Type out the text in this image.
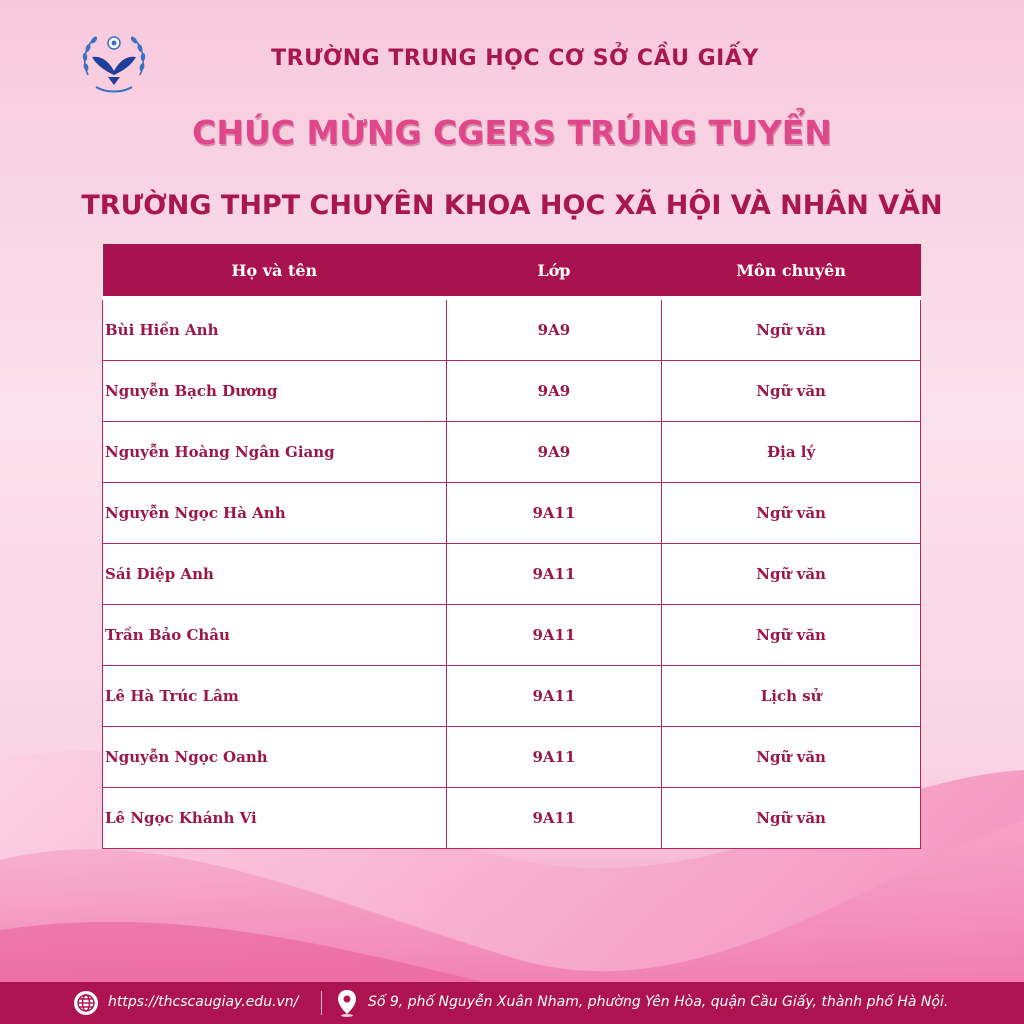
TRƯỜNG TRUNG HỌC CƠ SỞ CẦU GIẤY
CHÚC MỪNG CGERS TRÚNG TUYỂN
TRƯỜNG THPT CHUYÊN KHOA HỌC XÃ HỘI VÀ NHÂN VĂN
Họ và tên	Lớp	Môn chuyên
Bùi Hiền Anh	9A9	Ngữ văn
Nguyễn Bạch Dương	9A9	Ngữ văn
Nguyễn Hoàng Ngân Giang	9A9	Địa lý
Nguyễn Ngọc Hà Anh	9A11	Ngữ văn
Sái Diệp Anh	9A11	Ngữ văn
Trần Bảo Châu	9A11	Ngữ văn
Lê Hà Trúc Lâm	9A11	Lịch sử
Nguyễn Ngọc Oanh	9A11	Ngữ văn
Lê Ngọc Khánh Vi	9A11	Ngữ văn
https://thcscaugiay.edu.vn/	Số 9, phố Nguyễn Xuân Nham, phường Yên Hòa, quận Cầu Giấy, thành phố Hà Nội.
